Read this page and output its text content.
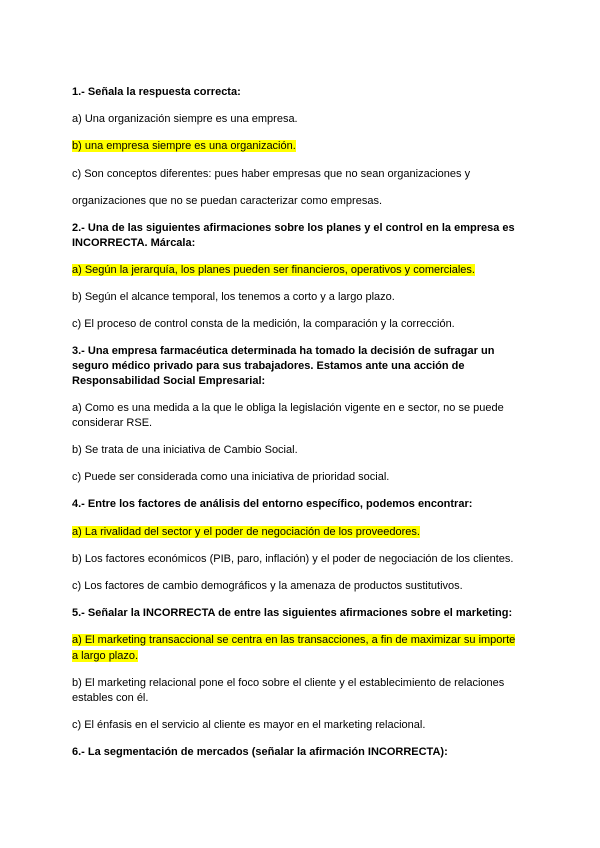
1.- Señala la respuesta correcta:
a) Una organización siempre es una empresa.
b) una empresa siempre es una organización.
c) Son conceptos diferentes: pues haber empresas que no sean organizaciones y
organizaciones que no se puedan caracterizar como empresas.
2.- Una de las siguientes afirmaciones sobre los planes y el control en la empresa es
INCORRECTA. Márcala:
a) Según la jerarquía, los planes pueden ser financieros, operativos y comerciales.
b) Según el alcance temporal, los tenemos a corto y a largo plazo.
c) El proceso de control consta de la medición, la comparación y la corrección.
3.- Una empresa farmacéutica determinada ha tomado la decisión de sufragar un
seguro médico privado para sus trabajadores. Estamos ante una acción de
Responsabilidad Social Empresarial:
a) Como es una medida a la que le obliga la legislación vigente en e sector, no se puede
considerar RSE.
b) Se trata de una iniciativa de Cambio Social.
c) Puede ser considerada como una iniciativa de prioridad social.
4.- Entre los factores de análisis del entorno específico, podemos encontrar:
a) La rivalidad del sector y el poder de negociación de los proveedores.
b) Los factores económicos (PIB, paro, inflación) y el poder de negociación de los clientes.
c) Los factores de cambio demográficos y la amenaza de productos sustitutivos.
5.- Señalar la INCORRECTA de entre las siguientes afirmaciones sobre el marketing:
a) El marketing transaccional se centra en las transacciones, a fin de maximizar su importe
a largo plazo.
b) El marketing relacional pone el foco sobre el cliente y el establecimiento de relaciones
estables con él.
c) El énfasis en el servicio al cliente es mayor en el marketing relacional.
6.- La segmentación de mercados (señalar la afirmación INCORRECTA):
